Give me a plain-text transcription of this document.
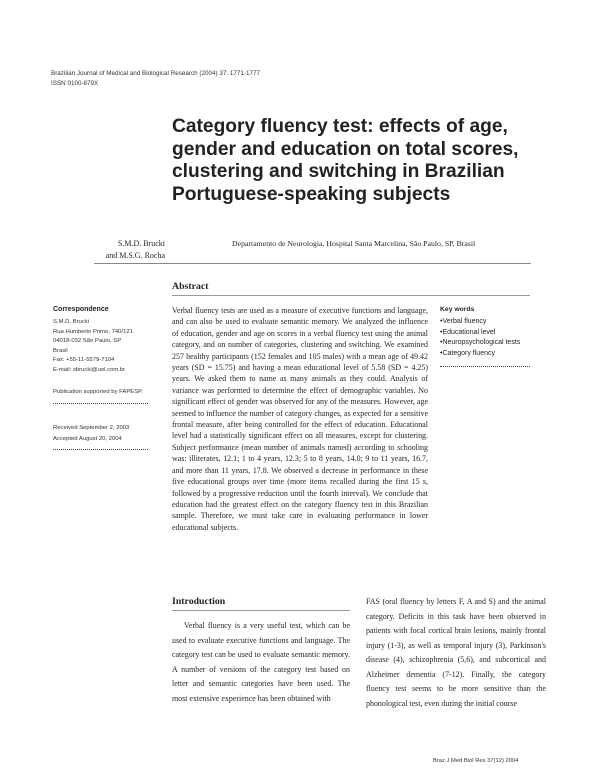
Brazilian Journal of Medical and Biological Research (2004) 37: 1771-1777
ISSN 0100-879X
Category fluency test: effects of age, gender and education on total scores, clustering and switching in Brazilian Portuguese-speaking subjects
S.M.D. Brucki
and M.S.G. Rocha
Departamento de Neurologia, Hospital Santa Marcelina, São Paulo, SP, Brasil
Abstract
Verbal fluency tests are used as a measure of executive functions and language, and can also be used to evaluate semantic memory. We analyzed the influence of education, gender and age on scores in a verbal fluency test using the animal category, and on number of categories, clustering and switching. We examined 257 healthy participants (152 females and 105 males) with a mean age of 49.42 years (SD = 15.75) and having a mean educational level of 5.58 (SD = 4.25) years. We asked them to name as many animals as they could. Analysis of variance was performed to determine the effect of demographic variables. No significant effect of gender was observed for any of the measures. However, age seemed to influence the number of category changes, as expected for a sensitive frontal measure, after being controlled for the effect of education. Educational level had a statistically significant effect on all measures, except for clustering. Subject performance (mean number of animals named) according to schooling was: illiterates, 12.1; 1 to 4 years, 12.3; 5 to 8 years, 14.0; 9 to 11 years, 16.7, and more than 11 years, 17.8. We observed a decrease in performance in these five educational groups over time (more items recalled during the first 15 s, followed by a progressive reduction until the fourth interval). We conclude that education had the greatest effect on the category fluency test in this Brazilian sample. Therefore, we must take care in evaluating performance in lower educational subjects.
Correspondence
S.M.D. Brucki
Rua Humberto Primo, 740/121
04018-032 São Paulo, SP
Brasil
Fax: +55-11-5579-7104
E-mail: sbrucki@uol.com.br
Publication supported by FAPESP.
Received September 2, 2003
Accepted August 20, 2004
Key words
• Verbal fluency
• Educational level
• Neuropsychological tests
• Category fluency
Introduction
Verbal fluency is a very useful test, which can be used to evaluate executive functions and language. The category test can be used to evaluate semantic memory. A number of versions of the category test based on letter and semantic categories have been used. The most extensive experience has been obtained with
FAS (oral fluency by letters F, A and S) and the animal category. Deficits in this task have been observed in patients with focal cortical brain lesions, mainly frontal injury (1-3), as well as temporal injury (3), Parkinson's disease (4), schizophrenia (5,6), and subcortical and Alzheimer dementia (7-12). Finally, the category fluency test seems to be more sensitive than the phonological test, even during the initial course
Braz J Med Biol Res 37(12) 2004
